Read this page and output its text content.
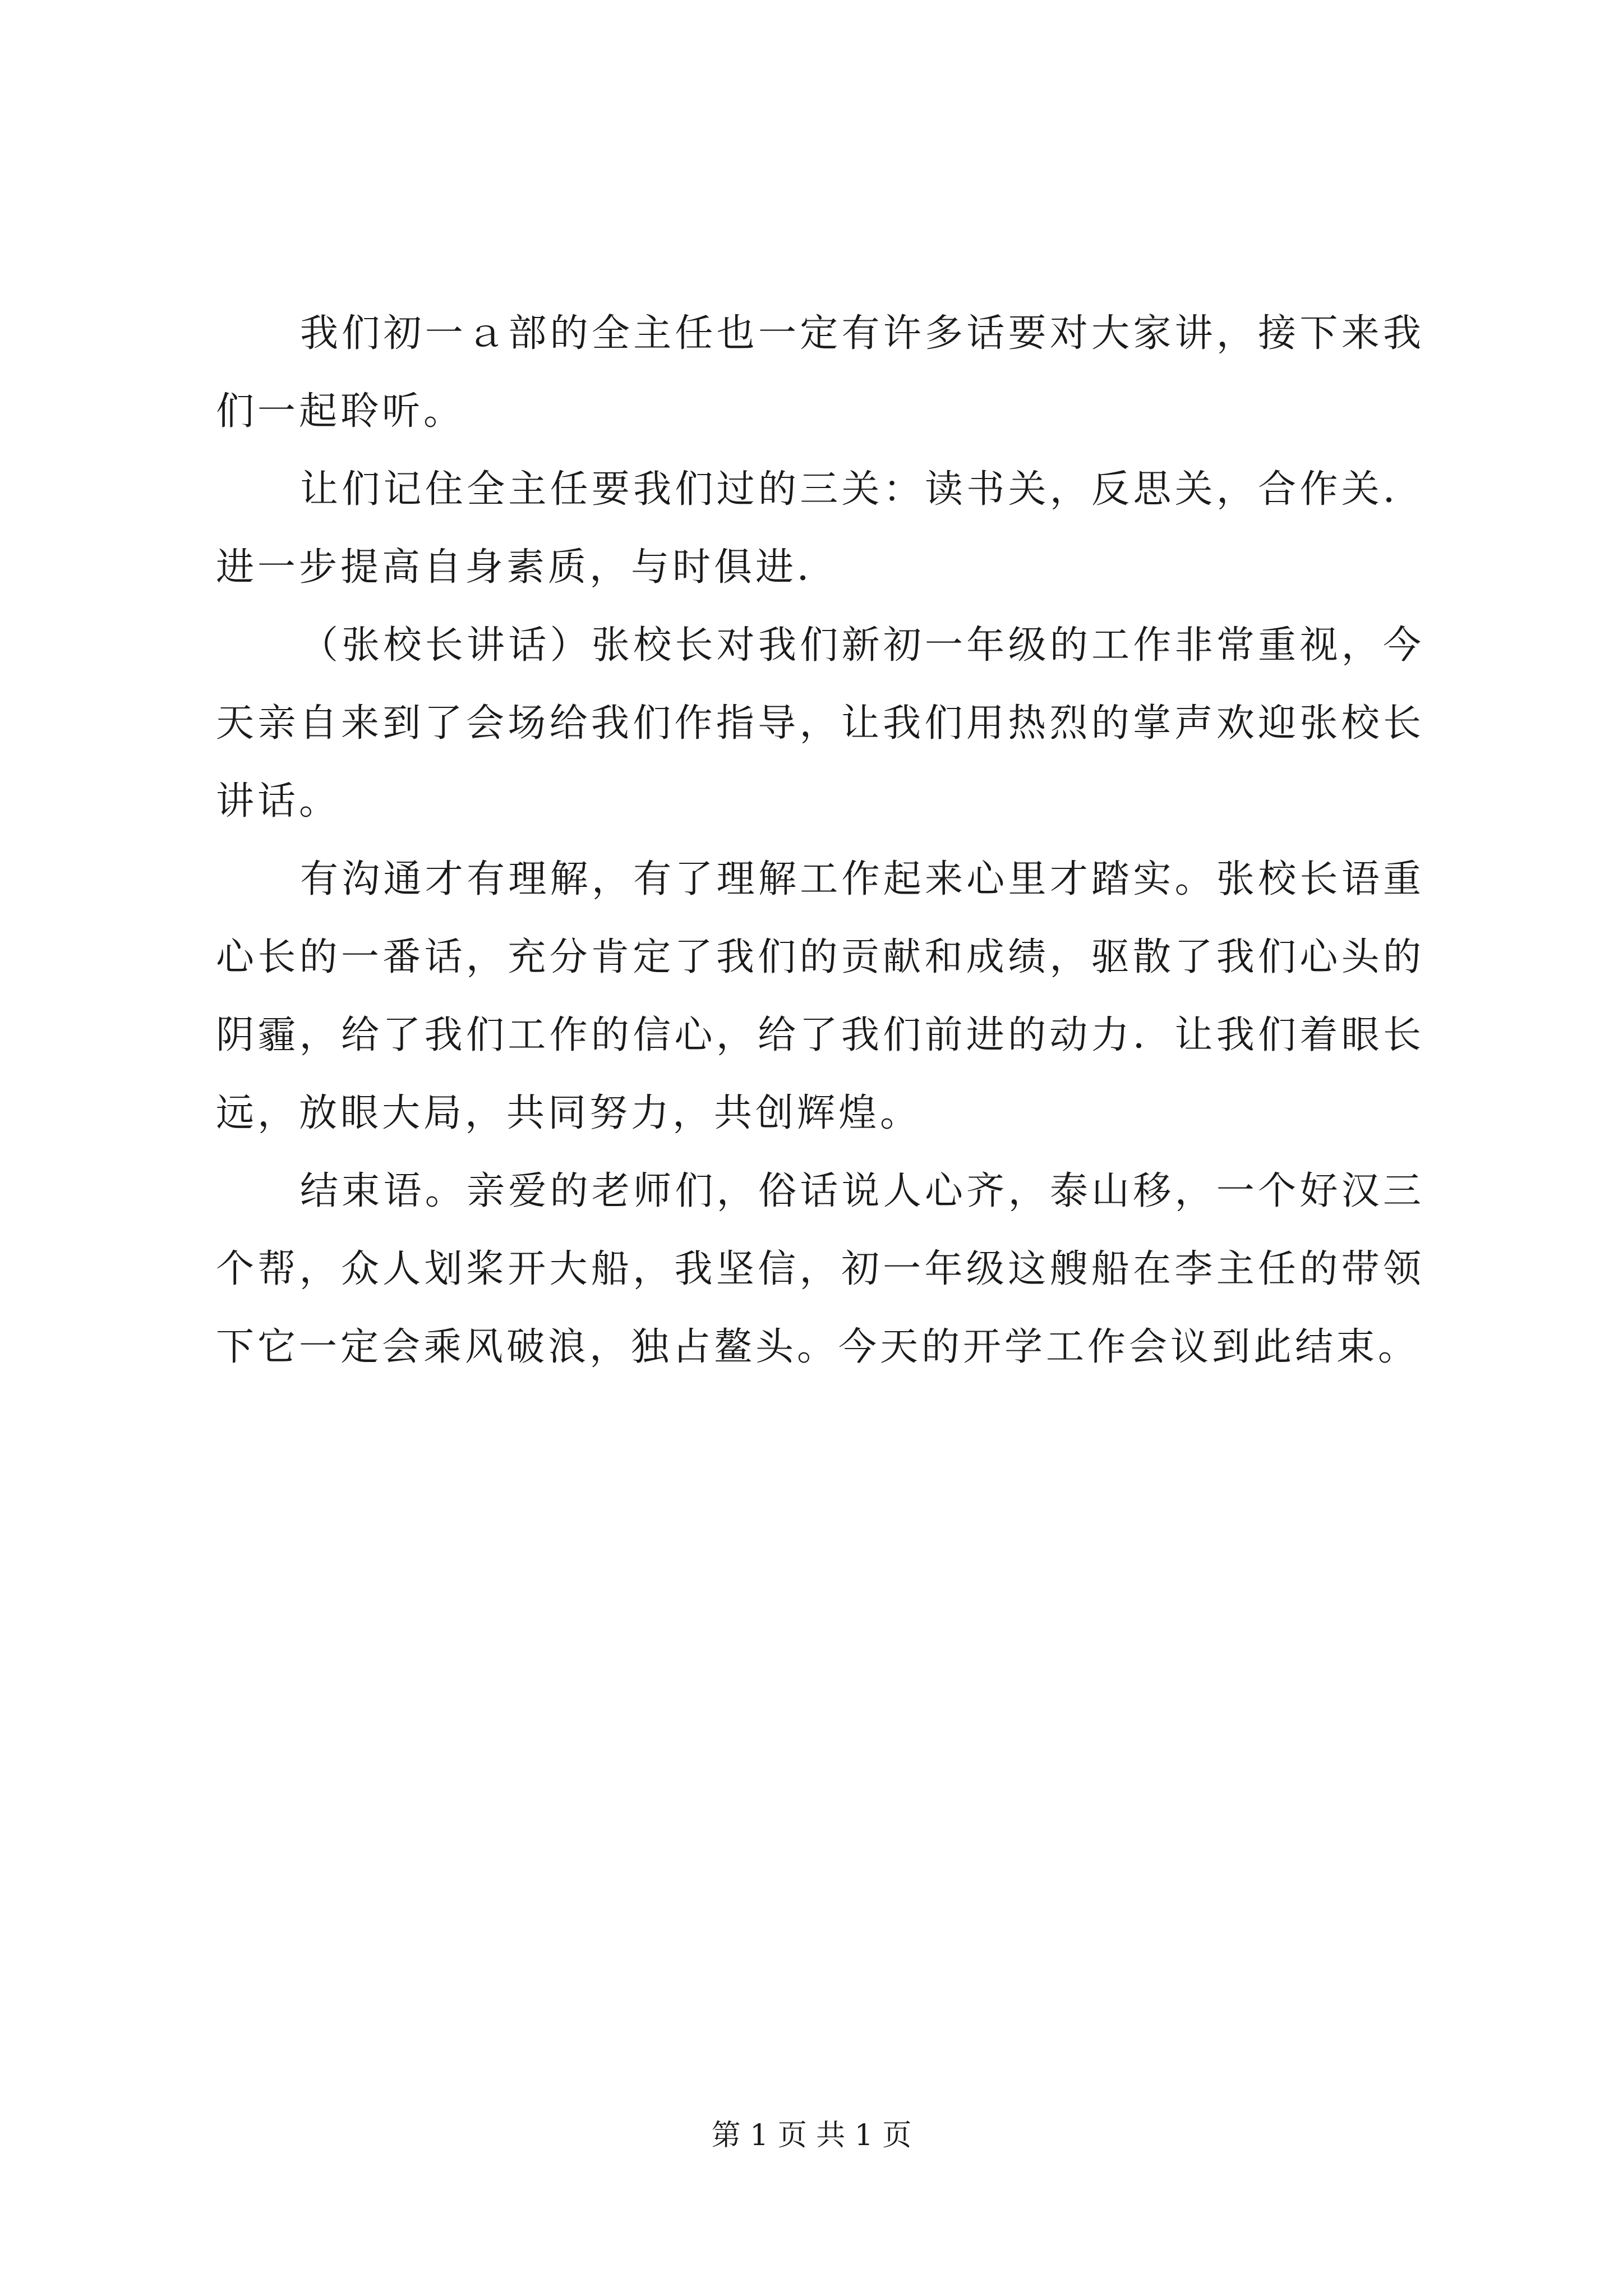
我们初一ａ部的全主任也一定有许多话要对大家讲，接下来我们一起聆听。

让们记住全主任要我们过的三关：读书关，反思关，合作关．进一步提高自身素质，与时俱进．

（张校长讲话）张校长对我们新初一年级的工作非常重视，今天亲自来到了会场给我们作指导，让我们用热烈的掌声欢迎张校长讲话。

有沟通才有理解，有了理解工作起来心里才踏实。张校长语重心长的一番话，充分肯定了我们的贡献和成绩，驱散了我们心头的阴霾，给了我们工作的信心，给了我们前进的动力．让我们着眼长远，放眼大局，共同努力，共创辉煌。

结束语。亲爱的老师们，俗话说人心齐，泰山移，一个好汉三个帮，众人划桨开大船，我坚信，初一年级这艘船在李主任的带领下它一定会乘风破浪，独占鳌头。今天的开学工作会议到此结束。

第 1 页 共 1 页
